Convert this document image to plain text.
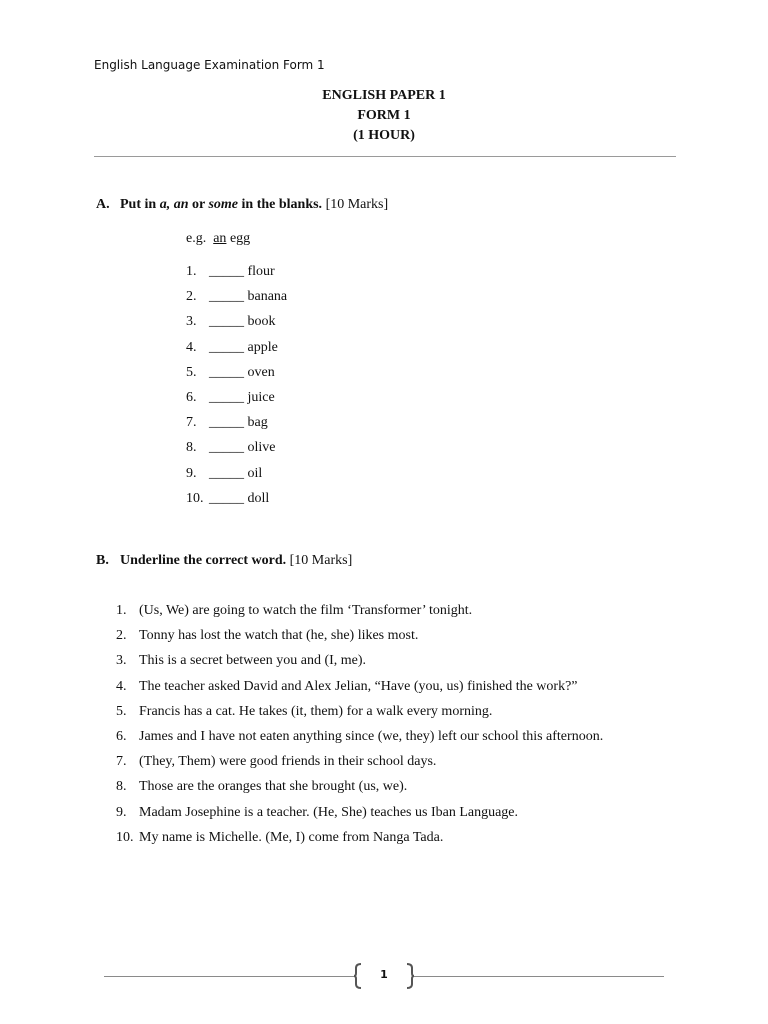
English Language Examination Form 1
ENGLISH PAPER 1
FORM 1
(1 HOUR)
A. Put in a, an or some in the blanks. [10 Marks]
e.g. an egg
1. _____ flour
2. _____ banana
3. _____ book
4. _____ apple
5. _____ oven
6. _____ juice
7. _____ bag
8. _____ olive
9. _____ oil
10. _____ doll
B. Underline the correct word. [10 Marks]
1. (Us, We) are going to watch the film ‘Transformer’ tonight.
2. Tonny has lost the watch that (he, she) likes most.
3. This is a secret between you and (I, me).
4. The teacher asked David and Alex Jelian, “Have (you, us) finished the work?”
5. Francis has a cat. He takes (it, them) for a walk every morning.
6. James and I have not eaten anything since (we, they) left our school this afternoon.
7. (They, Them) were good friends in their school days.
8. Those are the oranges that she brought (us, we).
9. Madam Josephine is a teacher. (He, She) teaches us Iban Language.
10. My name is Michelle. (Me, I) come from Nanga Tada.
1
